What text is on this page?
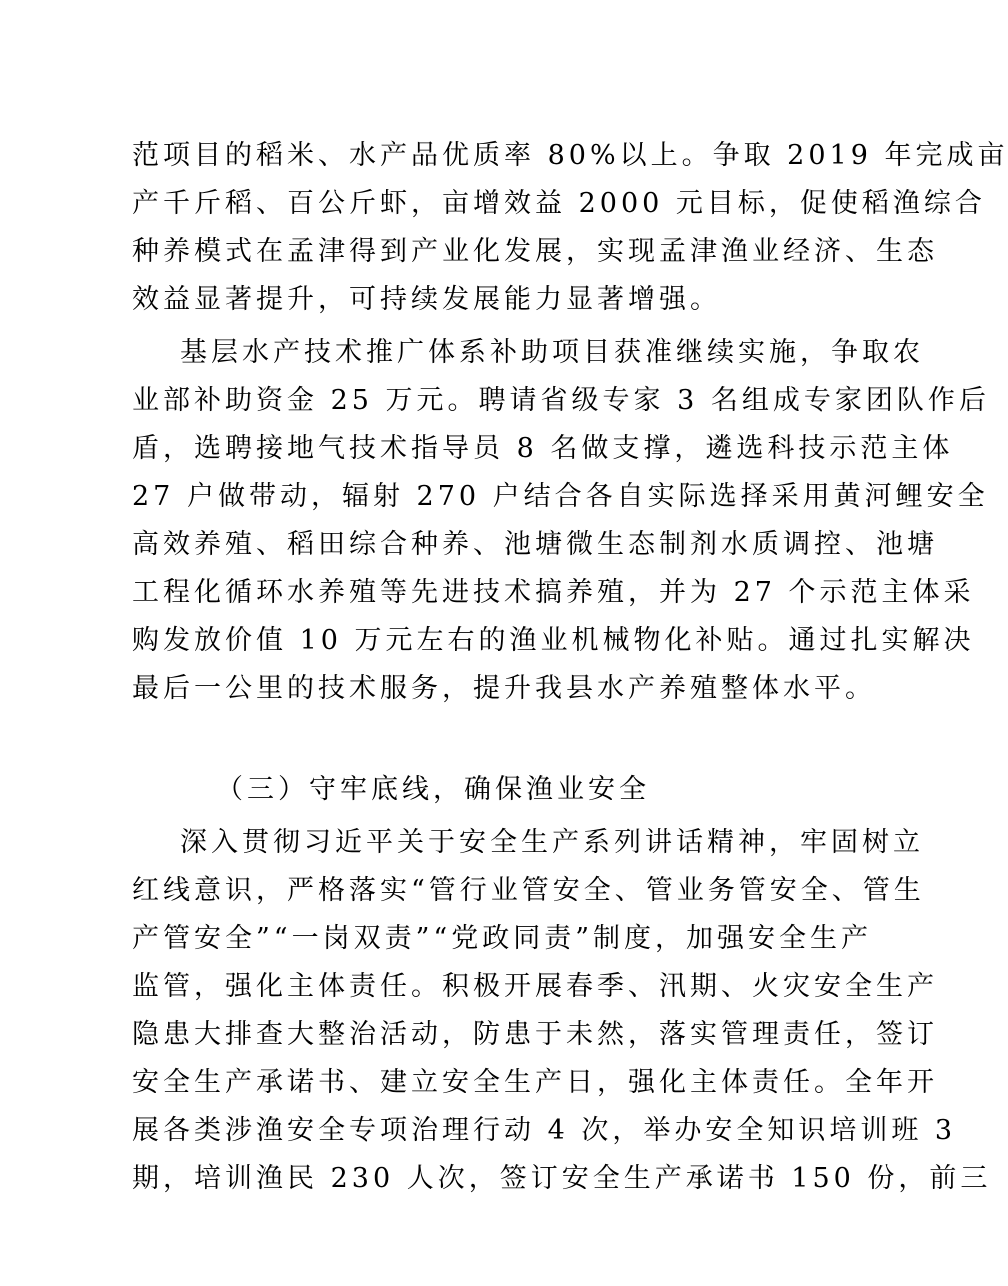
范项目的稻米、水产品优质率 80%以上。争取 2019 年完成亩
产千斤稻、百公斤虾，亩增效益 2000 元目标，促使稻渔综合
种养模式在孟津得到产业化发展，实现孟津渔业经济、生态
效益显著提升，可持续发展能力显著增强。
基层水产技术推广体系补助项目获准继续实施，争取农
业部补助资金 25 万元。聘请省级专家 3 名组成专家团队作后
盾，选聘接地气技术指导员 8 名做支撑，遴选科技示范主体
27 户做带动，辐射 270 户结合各自实际选择采用黄河鲤安全
高效养殖、稻田综合种养、池塘微生态制剂水质调控、池塘
工程化循环水养殖等先进技术搞养殖，并为 27 个示范主体采
购发放价值 10 万元左右的渔业机械物化补贴。通过扎实解决
最后一公里的技术服务，提升我县水产养殖整体水平。
（三）守牢底线，确保渔业安全
深入贯彻习近平关于安全生产系列讲话精神，牢固树立
红线意识，严格落实“管行业管安全、管业务管安全、管生
产管安全”“一岗双责”“党政同责”制度，加强安全生产
监管，强化主体责任。积极开展春季、汛期、火灾安全生产
隐患大排查大整治活动，防患于未然，落实管理责任，签订
安全生产承诺书、建立安全生产日，强化主体责任。全年开
展各类涉渔安全专项治理行动 4 次，举办安全知识培训班 3
期，培训渔民 230 人次，签订安全生产承诺书 150 份，前三
